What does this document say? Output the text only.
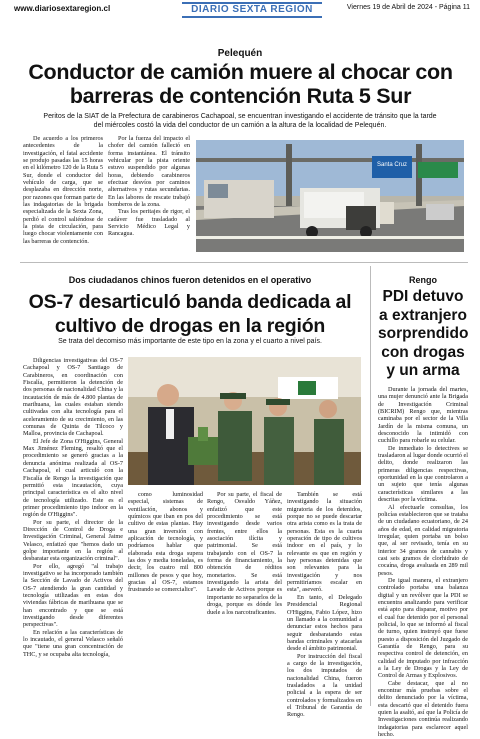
www.diariosextaregion.cl	DIARIO SEXTA REGIÓN	Viernes 19 de Abril de 2024 - Página 11
Pelequén
Conductor de camión muere al chocar con barreras de contención Ruta 5 Sur
Peritos de la SIAT de la Prefectura de carabineros Cachapoal, se encuentran investigando el accidente de tránsito que la tarde del miércoles costó la vida del conductor de un camión a la altura de la localidad de Pelequén.

De acuerdo a los primeros antecedentes de la investigación, el fatal accidente se produjo pasadas las 15 horas en el kilómetro 120 de la Ruta 5 Sur, donde el conductor del vehículo de carga, que se desplazaba en dirección norte, por razones que forman parte de las indagatorias de la brigada especializada de la Sexta Zona, perdió el control saliéndose de la pista de circulación, para luego chocar violentamente con las barreras de contención.

Por la fuerza del impacto el chofer del camión falleció en forma instantánea. El tránsito vehicular por la pista oriente estuvo suspendido por algunas horas, debiendo carabineros efectuar desvíos por caminos alternativos y rutas secundarias. En las labores de rescate trabajó bomberos de la zona.

Tras los peritajes de rigor, el cadáver fue trasladado al Servicio Médico Legal y Rancagua.

Santa Cruz
Dos ciudadanos chinos fueron detenidos en el operativo
OS-7 desarticuló banda dedicada al cultivo de drogas en la región
Se trata del decomiso más importante de este tipo en la zona y el cuarto a nivel país.

Diligencias investigativas del OS-7 Cachapoal y OS-7 Santiago de Carabineros, en coordinación con Fiscalía, permitieron la detención de dos personas de nacionalidad China y la incautación de más de 4.800 plantas de marihuana, las cuales estaban siendo cultivadas con alta tecnología para el aceleramiento de su crecimiento, en las comunas de Quinta de Tilcoco y Malloa, provincia de Cachapoal.

El Jefe de Zona O'Higgins, General Max Jiménez Fleming, resaltó que el procedimiento se generó gracias a la denuncia anónima realizada al OS-7 Cachapoal, el cual articuló con la Fiscalía de Rengo la investigación que permitió esta incautación, cuya principal característica es el alto nivel de tecnología utilizado. Este es el primer procedimiento tipo indoor en la región de O'Higgins".

Por su parte, el director de la Dirección de Control de Droga e Investigación Criminal, General Jaime Velasco, enfatizó que "hemos dado un golpe importante en la región al desbaratar esta organización criminal".

Por ello, agregó "al trabajo investigativo se ha incorporado también la Sección de Lavado de Activos del OS-7 atendiendo la gran cantidad y tecnología utilizadas en estas dos viviendas fábricas de marihuana que se han encontrado y que se está investigando desde diferentes perspectivas".

En relación a las características de lo incautado, el general Velasco señaló que "tiene una gran concentración de THC, y se ocupaba alta tecnología,

como luminosidad especial, sistemas de ventilación, abonos y químicos que iban en pos del cultivo de estas plantas. Hay una gran inversión con aplicación de tecnología, y podríamos hablar que elaborada esta droga supera las dos y media toneladas, es decir, los cuatro mil 800 millones de pesos y que hoy, gracias al OS-7, estamos frustrando se comercialice".

Por su parte, el fiscal de Rengo, Osvaldo Yáñez, enfatizó que este procedimiento se está investigando desde varios frentes, entre ellos la asociación ilícita y patrimonial. Se está trabajando con el OS-7 la forma de financiamiento, la obtención de réditos monetarios. Se está investigando la arista del Lavado de Activos porque es importante no separarlos de la droga, porque es dónde les duele a los narcotraficantes.

También se está investigando la situación migratoria de los detenidos, porque no se puede descartar otra arista como es la trata de personas. Esta es la cuarta operación de tipo de cultivos indoor en el país, y lo relevante es que en región y hay personas detenidas que son relevantes para la investigación y nos permitiríamos escalar en esta", aseveró.

En tanto, el Delegado Presidencial Regional O'Higgins, Fabio López, hizo un llamado a la comunidad a denunciar estos hechos para seguir desbaratando estas bandas criminales y atacarlas desde el ámbito patrimonial.

Por instrucción del fiscal a cargo de la investigación, los dos imputados de nacionalidad China, fueron trasladados a la unidad policial a la espera de ser controlados y formalizados en el Tribunal de Garantía de Rengo.

Rengo
PDI detuvo a extranjero sorprendido con drogas y un arma

Durante la jornada del martes, una mujer denunció ante la Brigada de Investigación Criminal (BICRIM) Rengo que, mientras caminaba por el sector de la Villa Jardín de la misma comuna, un desconocido la intimidó con cuchillo para robarle su celular.

De inmediato lo detectives se trasladaron al lugar donde ocurrió el delito, donde realizaron las primeras diligencias respectivas, oportunidad en la que controlaron a un sujeto que tenía algunas características similares a las descritas por la víctima.

Al efectuarle consultas, los policías establecieron que se trataba de un ciudadano ecuatoriano, de 24 años de edad, en calidad migratoria irregular, quien portaba un bolso que, al ser revisado, tenía en su interior 34 gramos de cannabis y casi seis gramos de clorhidrato de cocaína, droga avaluada en 289 mil pesos.

De igual manera, el extranjero controlado portaba una balanza digital y un revólver que la PDI se encuentra analizando para verificar está apto para disparar, motivo por el cual fue detenido por el personal policial, lo que se informó al fiscal de turno, quien instruyó que fuese puesto a disposición del Juzgado de Garantía de Rengo, para su respectiva control de detención, en calidad de imputado por infracción a la Ley de Drogas y la Ley de Control de Armas y Explosivos.

Cabe destacar, que al no encontrar más pruebas sobre el delito denunciado por la víctima, esta descartó que el detenido fuera quien la asaltó, así que la Policía de Investigaciones continúa realizando indagatorias para esclarecer aquel hecho.
